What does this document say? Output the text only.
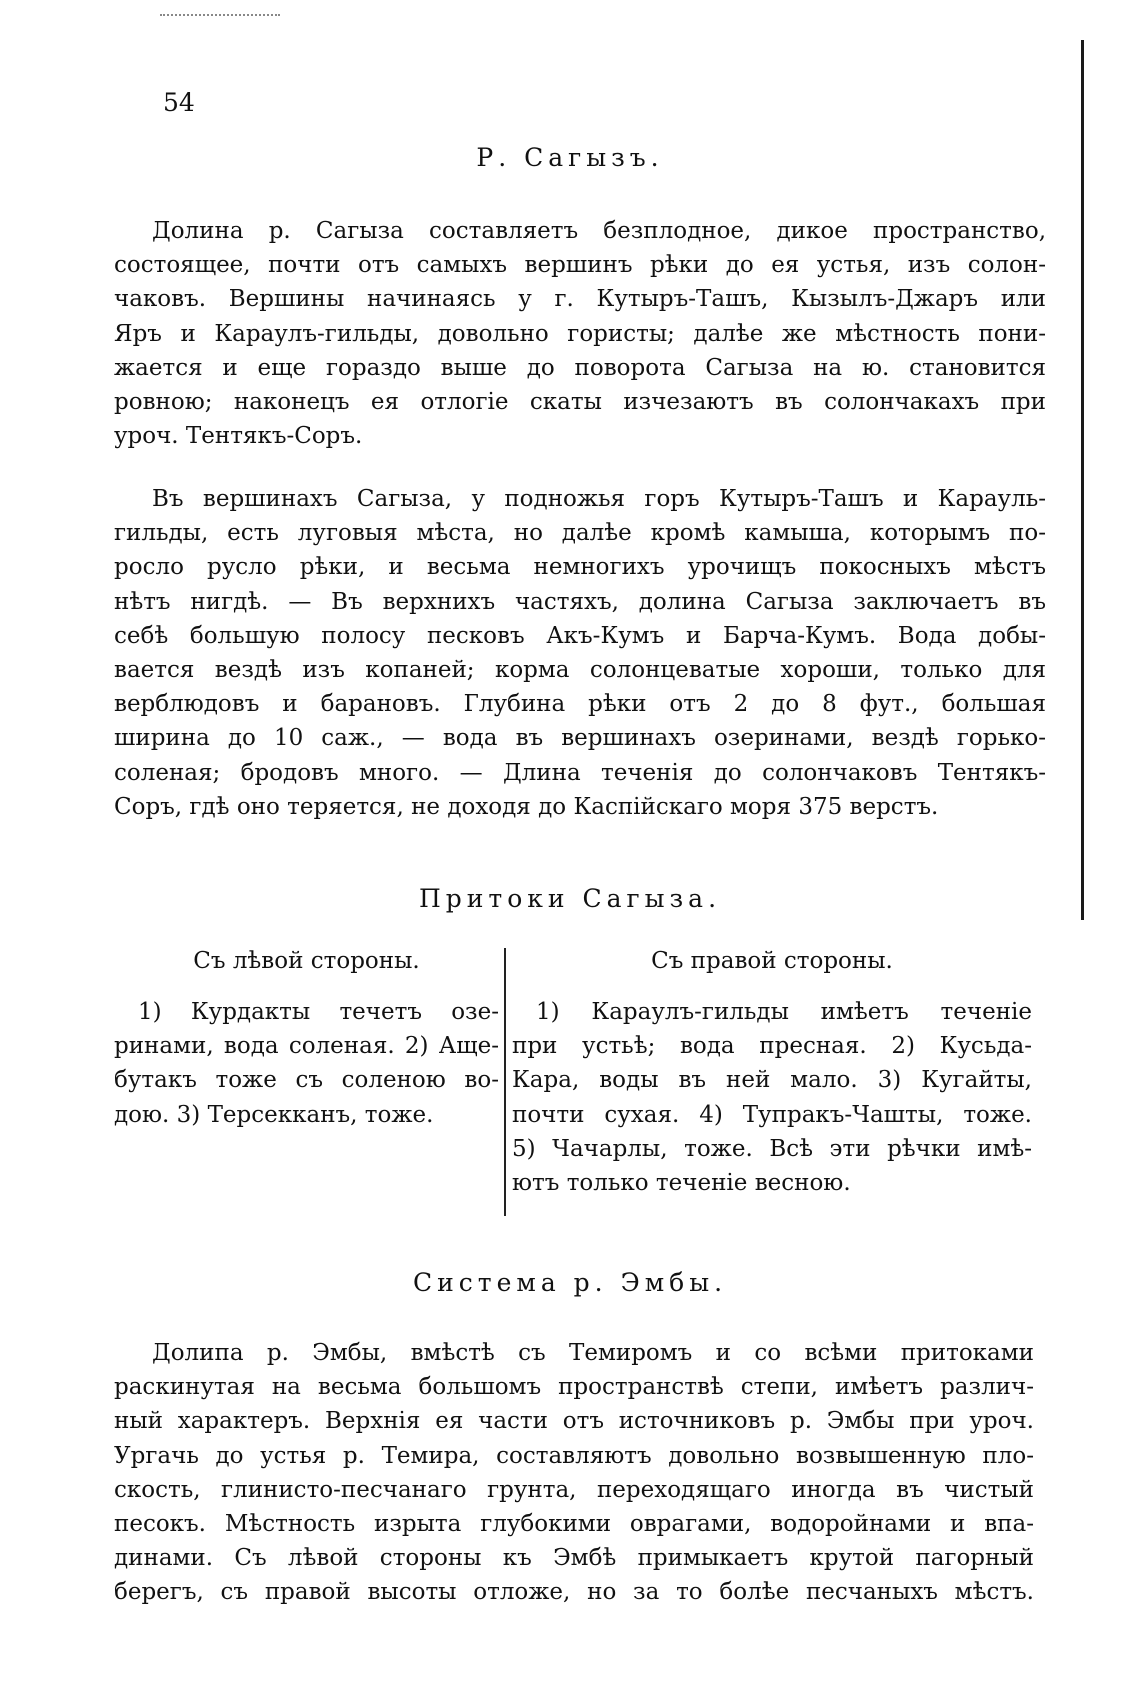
54
Р. Сагызъ.
Долина р. Сагыза составляетъ безплодное, дикое пространство,
состоящее, почти отъ самыхъ вершинъ рѣки до ея устья, изъ солон-
чаковъ. Вершины начинаясь у г. Кутыръ-Ташъ, Кызылъ-Джаръ или
Яръ и Караулъ-гильды, довольно гористы; далѣе же мѣстность пони-
жается и еще гораздо выше до поворота Сагыза на ю. становится
ровною; наконецъ ея отлогіе скаты изчезаютъ въ солончакахъ при
уроч. Тентякъ-Соръ.
Въ вершинахъ Сагыза, у подножья горъ Кутыръ-Ташъ и Карауль-
гильды, есть луговыя мѣста, но далѣе кромѣ камыша, которымъ по-
росло русло рѣки, и весьма немногихъ урочищъ покосныхъ мѣстъ
нѣтъ нигдѣ. — Въ верхнихъ частяхъ, долина Сагыза заключаетъ въ
себѣ большую полосу песковъ Акъ-Кумъ и Барча-Кумъ. Вода добы-
вается вездѣ изъ копаней; корма солонцеватые хороши, только для
верблюдовъ и барановъ. Глубина рѣки отъ 2 до 8 фут., большая
ширина до 10 саж., — вода въ вершинахъ озеринами, вездѣ горько-
соленая; бродовъ много. — Длина теченія до солончаковъ Тентякъ-
Соръ, гдѣ оно теряется, не доходя до Каспійскаго моря 375 верстъ.
Притоки Сагыза.
Съ лѣвой стороны.	Съ правой стороны.
1) Курдакты течетъ озе-
ринами, вода соленая. 2) Аще-
бутакъ тоже съ соленою во-
дою. 3) Терсекканъ, тоже.
1) Караулъ-гильды имѣетъ теченіе
при устьѣ; вода пресная. 2) Кусьда-
Кара, воды въ ней мало. 3) Кугайты,
почти сухая. 4) Тупракъ-Чашты, тоже.
5) Чачарлы, тоже. Всѣ эти рѣчки имѣ-
ютъ только теченіе весною.
Система р. Эмбы.
Долипа р. Эмбы, вмѣстѣ съ Темиромъ и со всѣми притоками
раскинутая на весьма большомъ пространствѣ степи, имѣетъ различ-
ный характеръ. Верхнія ея части отъ источниковъ р. Эмбы при уроч.
Ургачь до устья р. Темира, составляютъ довольно возвышенную пло-
скость, глинисто-песчанаго грунта, переходящаго иногда въ чистый
песокъ. Мѣстность изрыта глубокими оврагами, водоройнами и впа-
динами. Съ лѣвой стороны къ Эмбѣ примыкаетъ крутой пагорный
берегъ, съ правой высоты отложе, но за то болѣе песчаныхъ мѣстъ.
